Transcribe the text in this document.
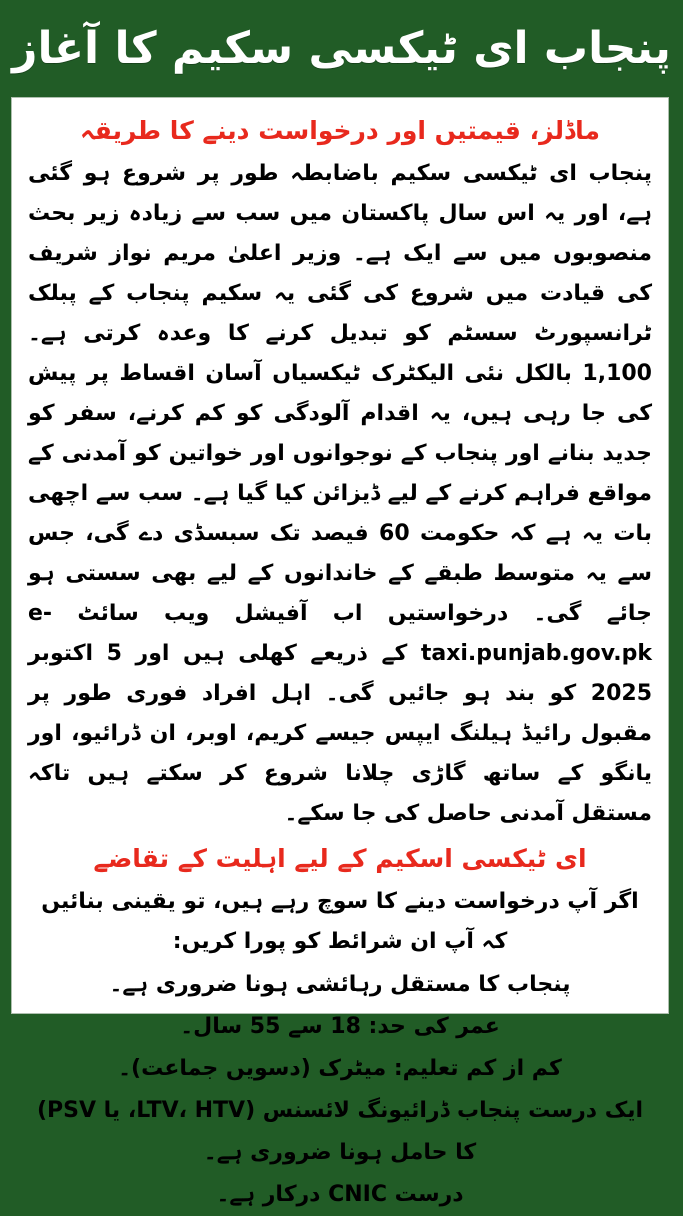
پنجاب ای ٹیکسی سکیم کا آغاز
ماڈلز، قیمتیں اور درخواست دینے کا طریقہ

پنجاب ای ٹیکسی سکیم باضابطہ طور پر شروع ہو گئی ہے، اور یہ اس سال پاکستان میں سب سے زیادہ زیر بحث منصوبوں میں سے ایک ہے۔ وزیر اعلیٰ مریم نواز شریف کی قیادت میں شروع کی گئی یہ سکیم پنجاب کے پبلک ٹرانسپورٹ سسٹم کو تبدیل کرنے کا وعدہ کرتی ہے۔ 1,100 بالکل نئی الیکٹرک ٹیکسیاں آسان اقساط پر پیش کی جا رہی ہیں، یہ اقدام آلودگی کو کم کرنے، سفر کو جدید بنانے اور پنجاب کے نوجوانوں اور خواتین کو آمدنی کے مواقع فراہم کرنے کے لیے ڈیزائن کیا گیا ہے۔ سب سے اچھی بات یہ ہے کہ حکومت 60 فیصد تک سبسڈی دے گی، جس سے یہ متوسط طبقے کے خاندانوں کے لیے بھی سستی ہو جائے گی۔ درخواستیں اب آفیشل ویب سائٹ e-taxi.punjab.gov.pk کے ذریعے کھلی ہیں اور 5 اکتوبر 2025 کو بند ہو جائیں گی۔ اہل افراد فوری طور پر مقبول رائیڈ ہیلنگ ایپس جیسے کریم، اوبر، ان ڈرائیو، اور یانگو کے ساتھ گاڑی چلانا شروع کر سکتے ہیں تاکہ مستقل آمدنی حاصل کی جا سکے۔

ای ٹیکسی اسکیم کے لیے اہلیت کے تقاضے

اگر آپ درخواست دینے کا سوچ رہے ہیں، تو یقینی بنائیں کہ آپ ان شرائط کو پورا کریں:

پنجاب کا مستقل رہائشی ہونا ضروری ہے۔
عمر کی حد: 18 سے 55 سال۔
کم از کم تعلیم: میٹرک (دسویں جماعت)۔
ایک درست پنجاب ڈرائیونگ لائسنس (LTV، HTV، یا PSV) کا حامل ہونا ضروری ہے۔
درست CNIC درکار ہے۔
